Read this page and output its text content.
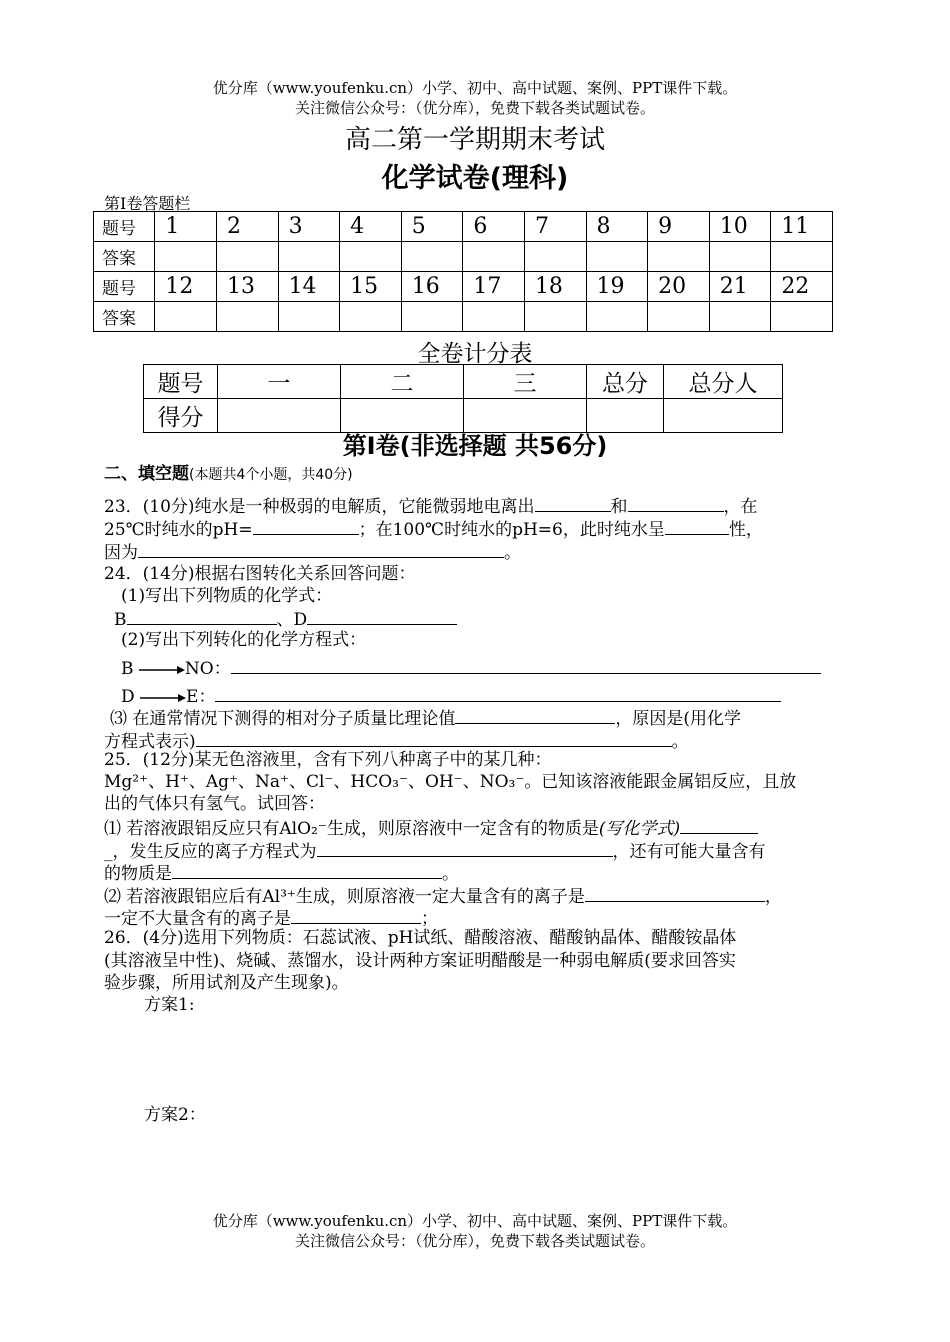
优分库（www.youfenku.cn）小学、初中、高中试题、案例、PPT课件下载。
关注微信公众号：（优分库），免费下载各类试题试卷。
高二第一学期期末考试
化学试卷(理科)
第I卷答题栏
题号	1	2	3	4	5	6	7	8	9	10	11
答案											
题号	12	13	14	15	16	17	18	19	20	21	22
答案											
全卷计分表
题号	一	二	三	总分	总分人
得分					
第Ⅰ卷(非选择题 共56分)
二、填空题(本题共4个小题，共40分)
23．(10分)纯水是一种极弱的电解质，它能微弱地电离出	和	，在
25℃时纯水的pH=	；在100℃时纯水的pH=6，此时纯水呈	性，
因为	。
24．(14分)根据右图转化关系回答问题：
(1)写出下列物质的化学式：
B	、D
(2)写出下列转化的化学方程式：
B →NO：
D →E：
⑶ 在通常情况下测得的相对分子质量比理论值	，原因是(用化学
方程式表示)	。
25．(12分)某无色溶液里，含有下列八种离子中的某几种：
Mg²⁺、H⁺、Ag⁺、Na⁺、Cl⁻、HCO₃⁻、OH⁻、NO₃⁻。已知该溶液能跟金属铝反应，且放
出的气体只有氢气。试回答：
⑴ 若溶液跟铝反应只有AlO₂⁻生成，则原溶液中一定含有的物质是(写化学式)
_，发生反应的离子方程式为	，还有可能大量含有
的物质是	。
⑵ 若溶液跟铝应后有Al³⁺生成，则原溶液一定大量含有的离子是	，
一定不大量含有的离子是	；
26．(4分)选用下列物质：石蕊试液、pH试纸、醋酸溶液、醋酸钠晶体、醋酸铵晶体
(其溶液呈中性)、烧碱、蒸馏水，设计两种方案证明醋酸是一种弱电解质(要求回答实
验步骤，所用试剂及产生现象)。
方案1:
方案2：
优分库（www.youfenku.cn）小学、初中、高中试题、案例、PPT课件下载。
关注微信公众号：（优分库），免费下载各类试题试卷。
